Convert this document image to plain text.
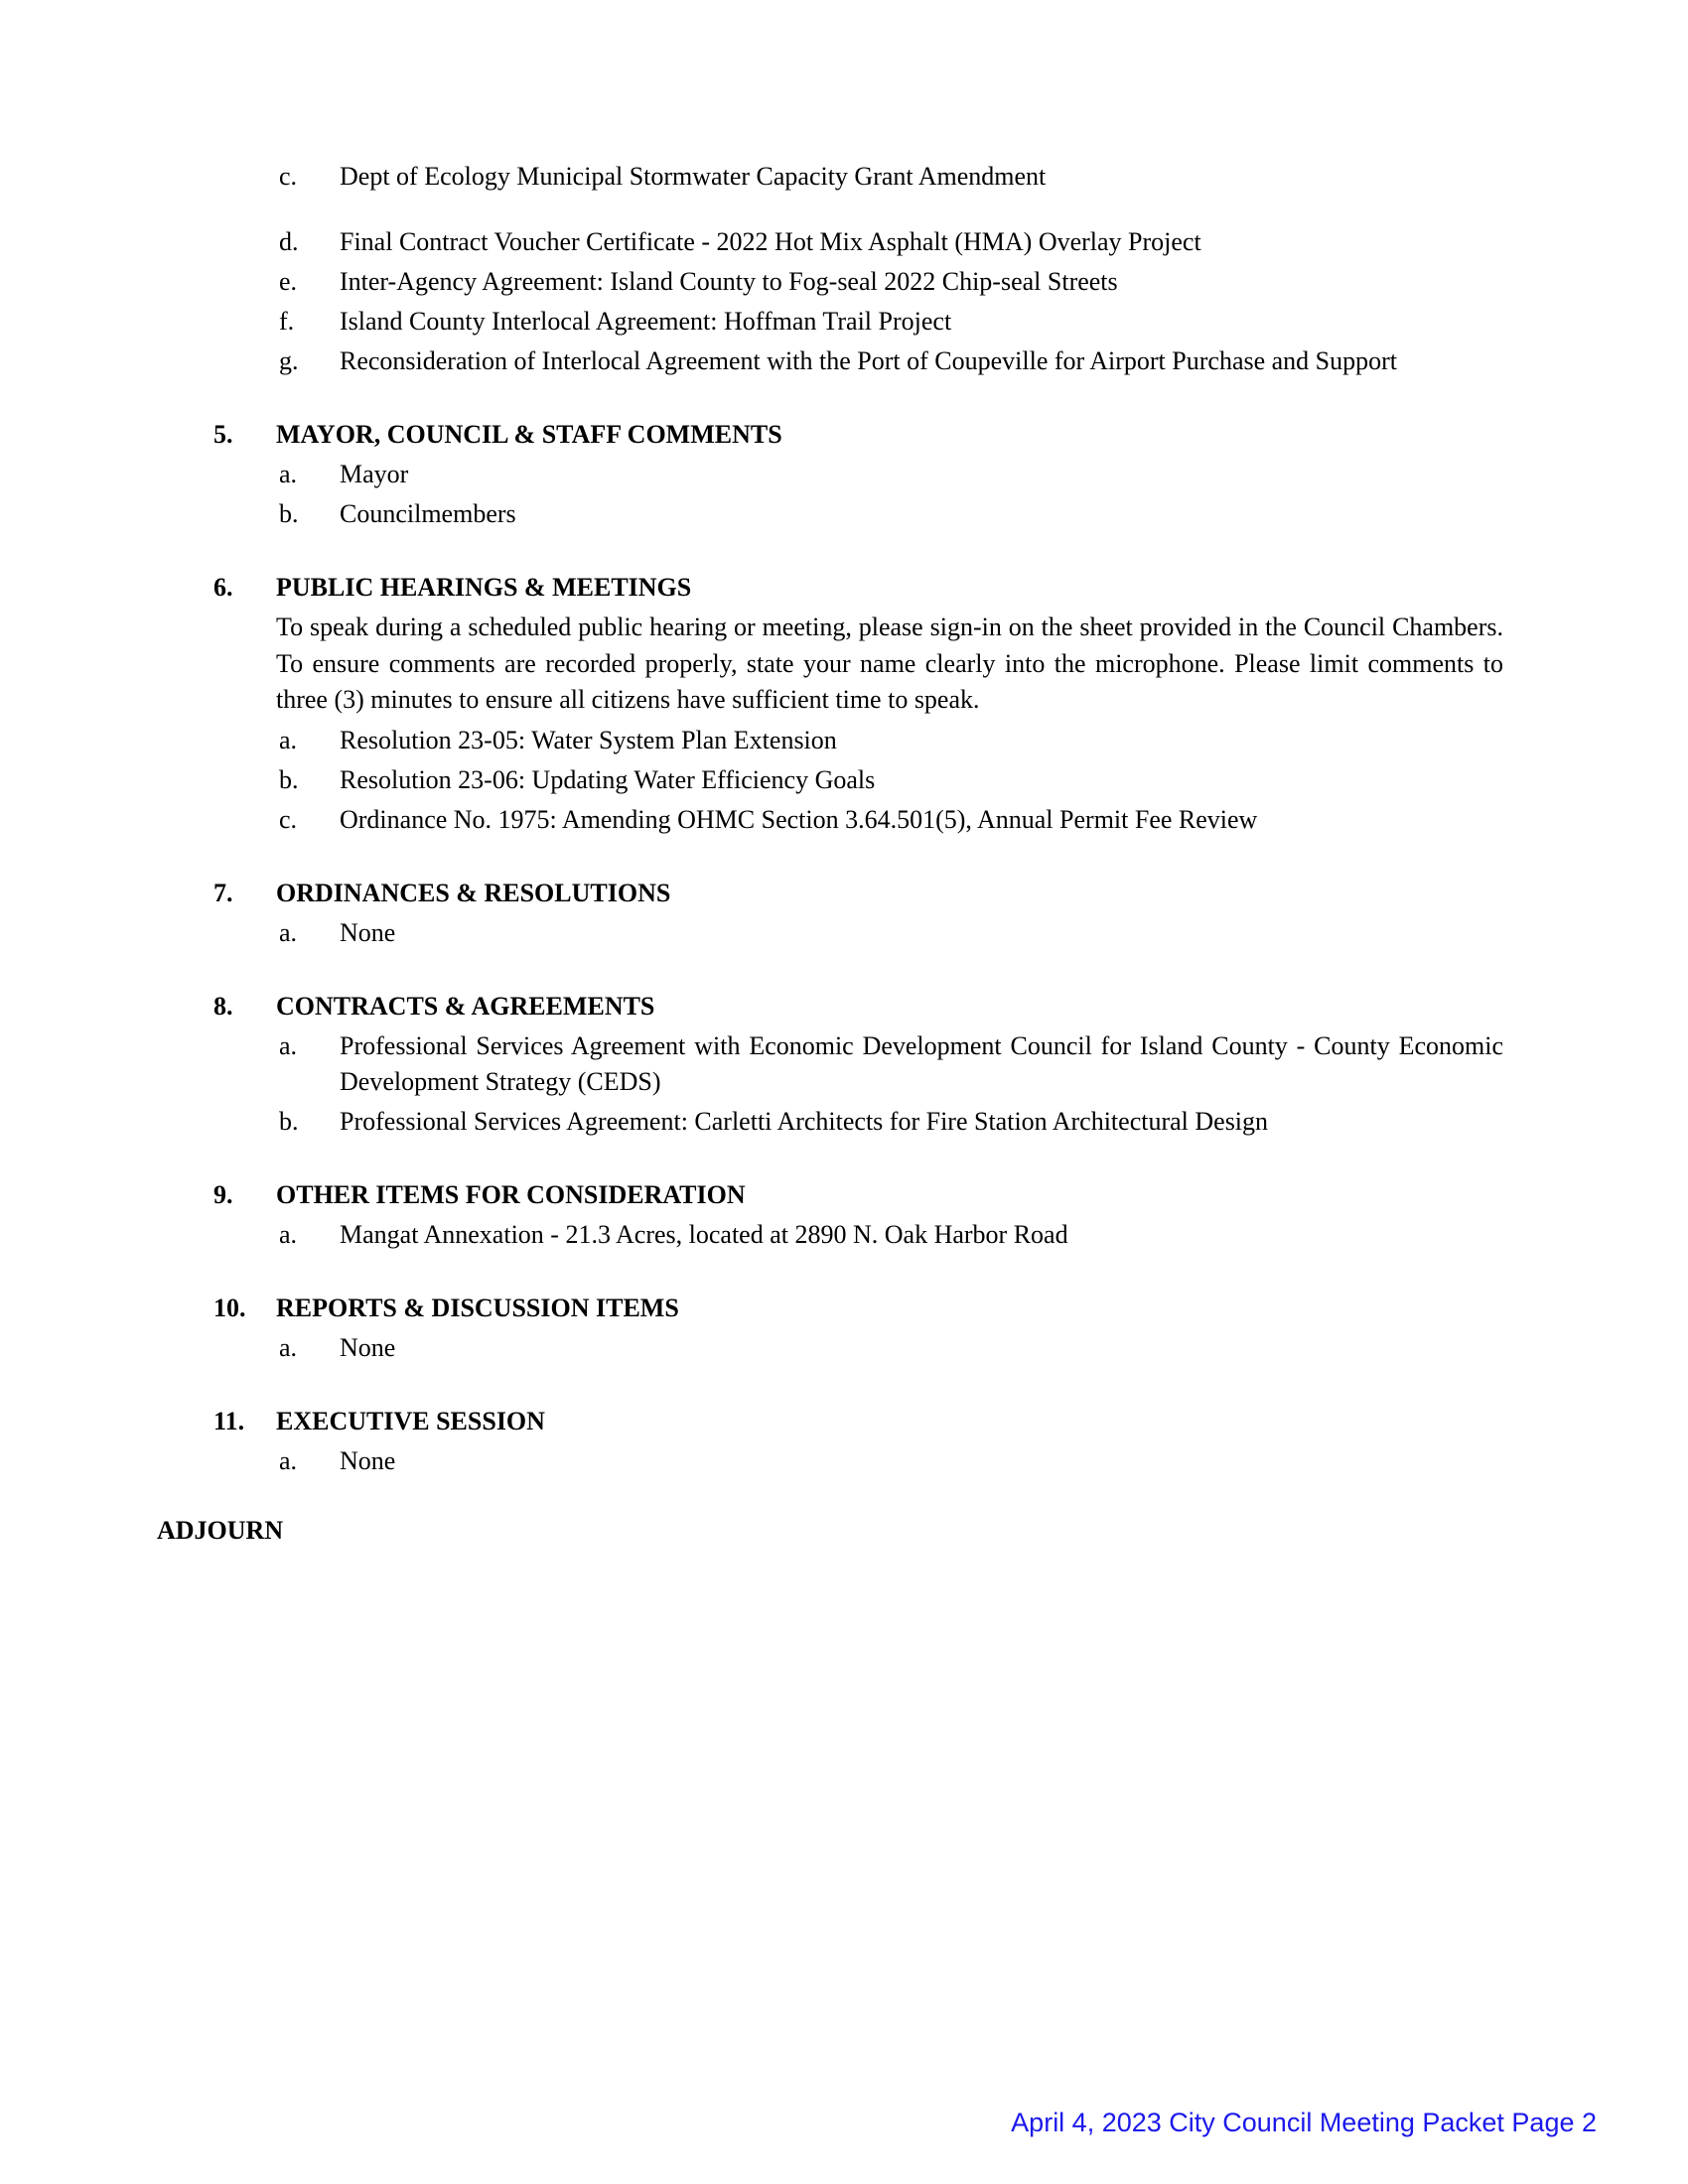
c.	Dept of Ecology Municipal Stormwater Capacity Grant Amendment
d.	Final Contract Voucher Certificate - 2022 Hot Mix Asphalt (HMA) Overlay Project
e.	Inter-Agency Agreement: Island County to Fog-seal 2022 Chip-seal Streets
f.	Island County Interlocal Agreement: Hoffman Trail Project
g.	Reconsideration of Interlocal Agreement with the Port of Coupeville for Airport Purchase and Support
5.	MAYOR, COUNCIL & STAFF COMMENTS
a.	Mayor
b.	Councilmembers
6.	PUBLIC HEARINGS & MEETINGS

To speak during a scheduled public hearing or meeting, please sign-in on the sheet provided in the Council Chambers. To ensure comments are recorded properly, state your name clearly into the microphone. Please limit comments to three (3) minutes to ensure all citizens have sufficient time to speak.

a.	Resolution 23-05: Water System Plan Extension
b.	Resolution 23-06: Updating Water Efficiency Goals
c.	Ordinance No. 1975: Amending OHMC Section 3.64.501(5), Annual Permit Fee Review
7.	ORDINANCES & RESOLUTIONS
a.	None
8.	CONTRACTS & AGREEMENTS
a.	Professional Services Agreement with Economic Development Council for Island County - County Economic Development Strategy (CEDS)
b.	Professional Services Agreement: Carletti Architects for Fire Station Architectural Design
9.	OTHER ITEMS FOR CONSIDERATION
a.	Mangat Annexation - 21.3 Acres, located at 2890 N. Oak Harbor Road
10.	REPORTS & DISCUSSION ITEMS
a.	None
11.	EXECUTIVE SESSION
a.	None
ADJOURN
April 4, 2023 City Council Meeting Packet Page 2
